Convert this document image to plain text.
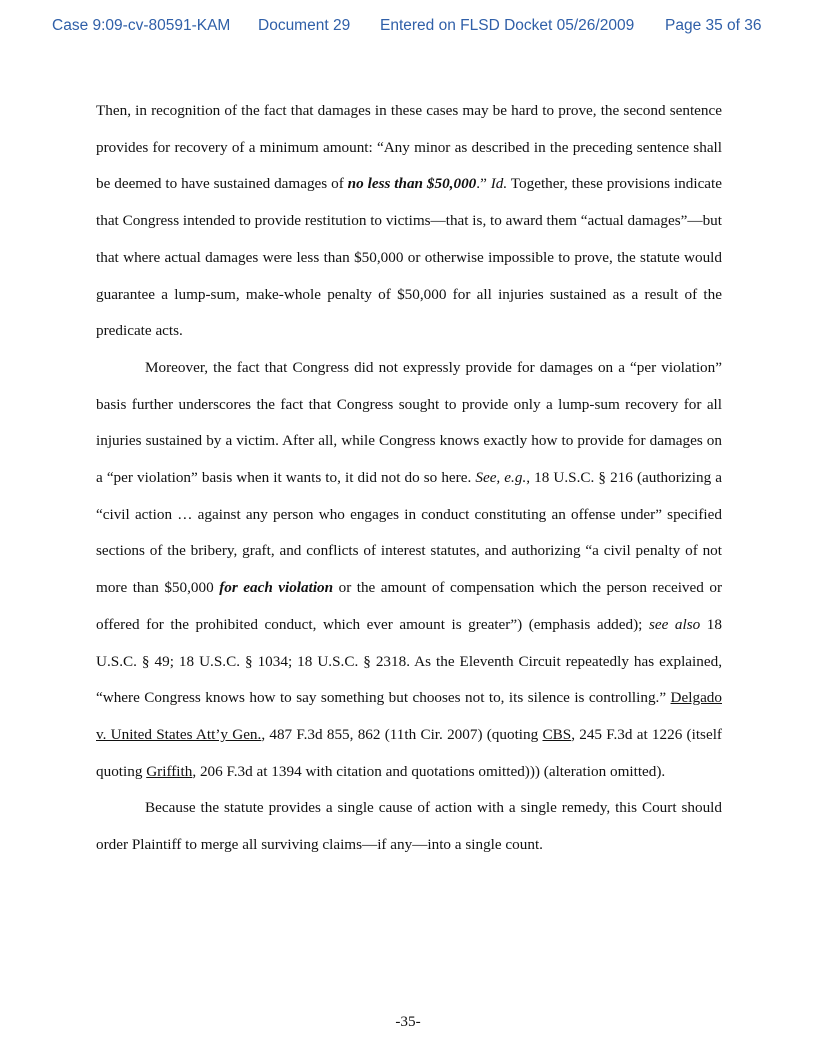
Case 9:09-cv-80591-KAM Document 29 Entered on FLSD Docket 05/26/2009 Page 35 of 36

Then, in recognition of the fact that damages in these cases may be hard to prove, the second sentence provides for recovery of a minimum amount: “Any minor as described in the preceding sentence shall be deemed to have sustained damages of no less than $50,000.” Id. Together, these provisions indicate that Congress intended to provide restitution to victims—that is, to award them “actual damages”—but that where actual damages were less than $50,000 or otherwise impossible to prove, the statute would guarantee a lump-sum, make-whole penalty of $50,000 for all injuries sustained as a result of the predicate acts.

Moreover, the fact that Congress did not expressly provide for damages on a “per violation” basis further underscores the fact that Congress sought to provide only a lump-sum recovery for all injuries sustained by a victim. After all, while Congress knows exactly how to provide for damages on a “per violation” basis when it wants to, it did not do so here. See, e.g., 18 U.S.C. § 216 (authorizing a “civil action … against any person who engages in conduct constituting an offense under” specified sections of the bribery, graft, and conflicts of interest statutes, and authorizing “a civil penalty of not more than $50,000 for each violation or the amount of compensation which the person received or offered for the prohibited conduct, which ever amount is greater”) (emphasis added); see also 18 U.S.C. § 49; 18 U.S.C. § 1034; 18 U.S.C. § 2318. As the Eleventh Circuit repeatedly has explained, “where Congress knows how to say something but chooses not to, its silence is controlling.” Delgado v. United States Att’y Gen., 487 F.3d 855, 862 (11th Cir. 2007) (quoting CBS, 245 F.3d at 1226 (itself quoting Griffith, 206 F.3d at 1394 with citation and quotations omitted))) (alteration omitted).

Because the statute provides a single cause of action with a single remedy, this Court should order Plaintiff to merge all surviving claims—if any—into a single count.

-35-
